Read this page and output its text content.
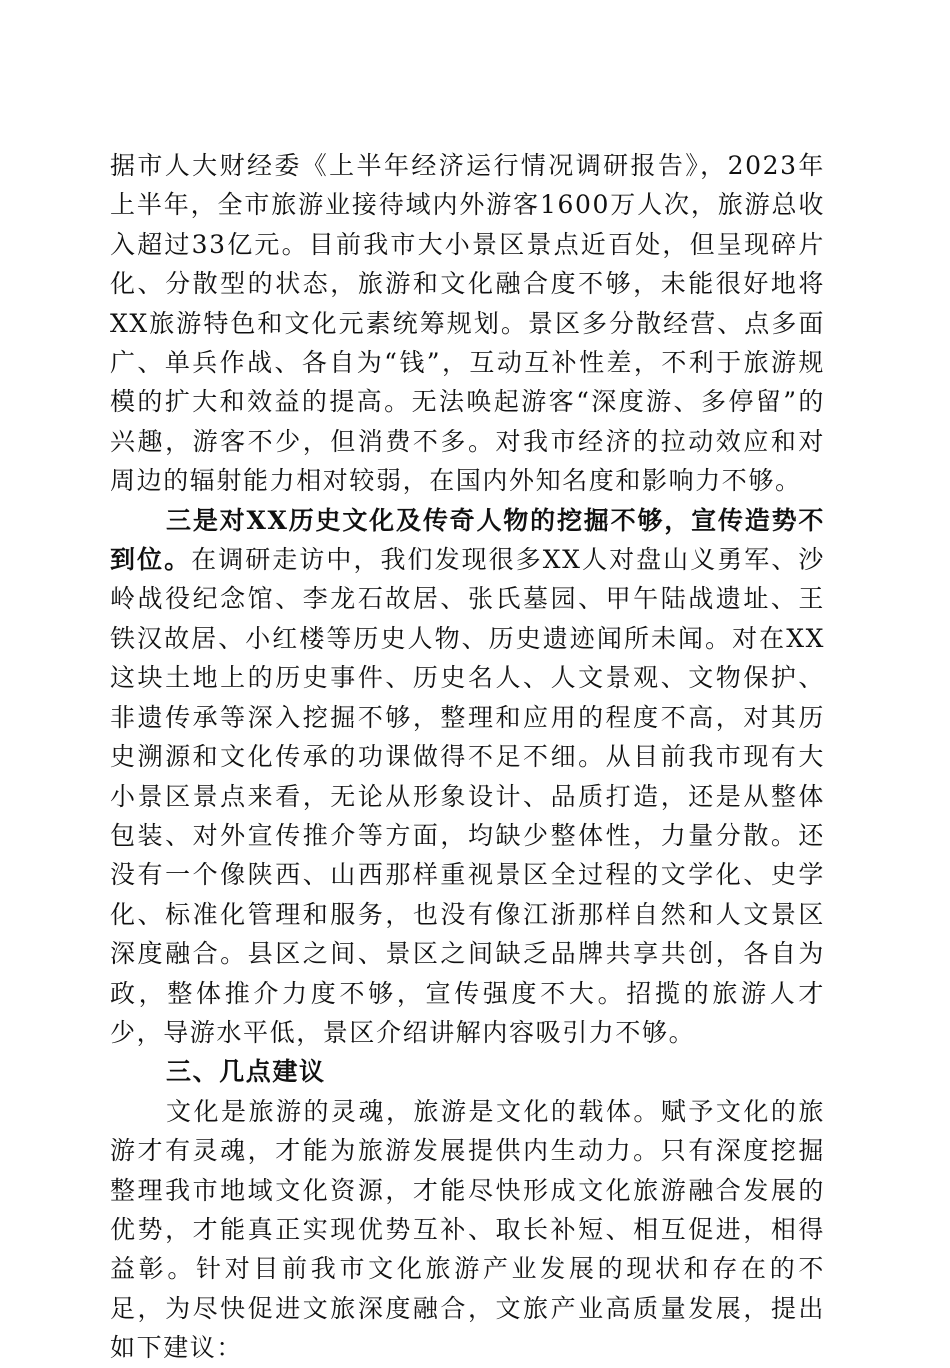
据市人大财经委《上半年经济运行情况调研报告》，2023年上半年，全市旅游业接待域内外游客1600万人次，旅游总收入超过33亿元。目前我市大小景区景点近百处，但呈现碎片化、分散型的状态，旅游和文化融合度不够，未能很好地将XX旅游特色和文化元素统筹规划。景区多分散经营、点多面广、单兵作战、各自为“钱”，互动互补性差，不利于旅游规模的扩大和效益的提高。无法唤起游客“深度游、多停留”的兴趣，游客不少，但消费不多。对我市经济的拉动效应和对周边的辐射能力相对较弱，在国内外知名度和影响力不够。

三是对XX历史文化及传奇人物的挖掘不够，宣传造势不到位。在调研走访中，我们发现很多XX人对盘山义勇军、沙岭战役纪念馆、李龙石故居、张氏墓园、甲午陆战遗址、王铁汉故居、小红楼等历史人物、历史遗迹闻所未闻。对在XX这块土地上的历史事件、历史名人、人文景观、文物保护、非遗传承等深入挖掘不够，整理和应用的程度不高，对其历史溯源和文化传承的功课做得不足不细。从目前我市现有大小景区景点来看，无论从形象设计、品质打造，还是从整体包装、对外宣传推介等方面，均缺少整体性，力量分散。还没有一个像陕西、山西那样重视景区全过程的文学化、史学化、标准化管理和服务，也没有像江浙那样自然和人文景区深度融合。县区之间、景区之间缺乏品牌共享共创，各自为政，整体推介力度不够，宣传强度不大。招揽的旅游人才少，导游水平低，景区介绍讲解内容吸引力不够。

三、几点建议

文化是旅游的灵魂，旅游是文化的载体。赋予文化的旅游才有灵魂，才能为旅游发展提供内生动力。只有深度挖掘整理我市地域文化资源，才能尽快形成文化旅游融合发展的优势，才能真正实现优势互补、取长补短、相互促进，相得益彰。针对目前我市文化旅游产业发展的现状和存在的不足，为尽快促进文旅深度融合，文旅产业高质量发展，提出如下建议：
